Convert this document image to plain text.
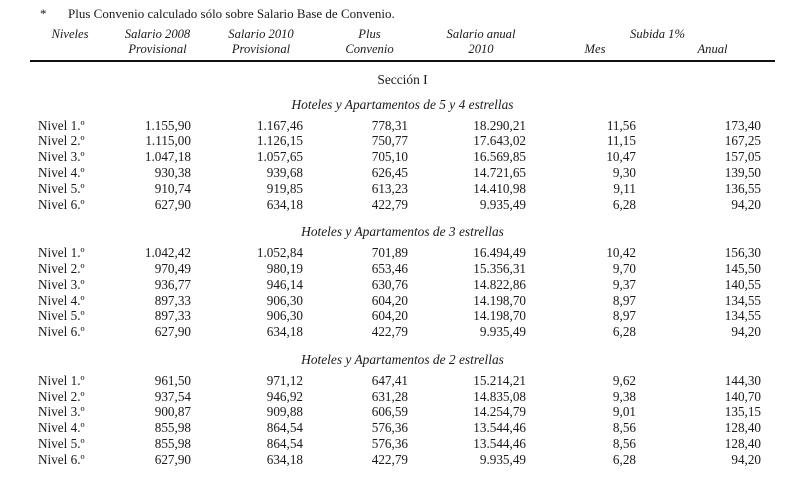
* Plus Convenio calculado sólo sobre Salario Base de Convenio.
Niveles	Salario 2008	Salario 2010	Plus	Salario anual	Subida 1%	
	Provisional	Provisional	Convenio	2010	Mes	Anual
Sección I						
Hoteles y Apartamentos de 5 y 4 estrellas						
Nivel 1.º	1.155,90	1.167,46	778,31	18.290,21	11,56	173,40
Nivel 2.º	1.115,00	1.126,15	750,77	17.643,02	11,15	167,25
Nivel 3.º	1.047,18	1.057,65	705,10	16.569,85	10,47	157,05
Nivel 4.º	930,38	939,68	626,45	14.721,65	9,30	139,50
Nivel 5.º	910,74	919,85	613,23	14.410,98	9,11	136,55
Nivel 6.º	627,90	634,18	422,79	9.935,49	6,28	94,20
Hoteles y Apartamentos de 3 estrellas						
Nivel 1.º	1.042,42	1.052,84	701,89	16.494,49	10,42	156,30
Nivel 2.º	970,49	980,19	653,46	15.356,31	9,70	145,50
Nivel 3.º	936,77	946,14	630,76	14.822,86	9,37	140,55
Nivel 4.º	897,33	906,30	604,20	14.198,70	8,97	134,55
Nivel 5.º	897,33	906,30	604,20	14.198,70	8,97	134,55
Nivel 6.º	627,90	634,18	422,79	9.935,49	6,28	94,20
Hoteles y Apartamentos de 2 estrellas						
Nivel 1.º	961,50	971,12	647,41	15.214,21	9,62	144,30
Nivel 2.º	937,54	946,92	631,28	14.835,08	9,38	140,70
Nivel 3.º	900,87	909,88	606,59	14.254,79	9,01	135,15
Nivel 4.º	855,98	864,54	576,36	13.544,46	8,56	128,40
Nivel 5.º	855,98	864,54	576,36	13.544,46	8,56	128,40
Nivel 6.º	627,90	634,18	422,79	9.935,49	6,28	94,20
